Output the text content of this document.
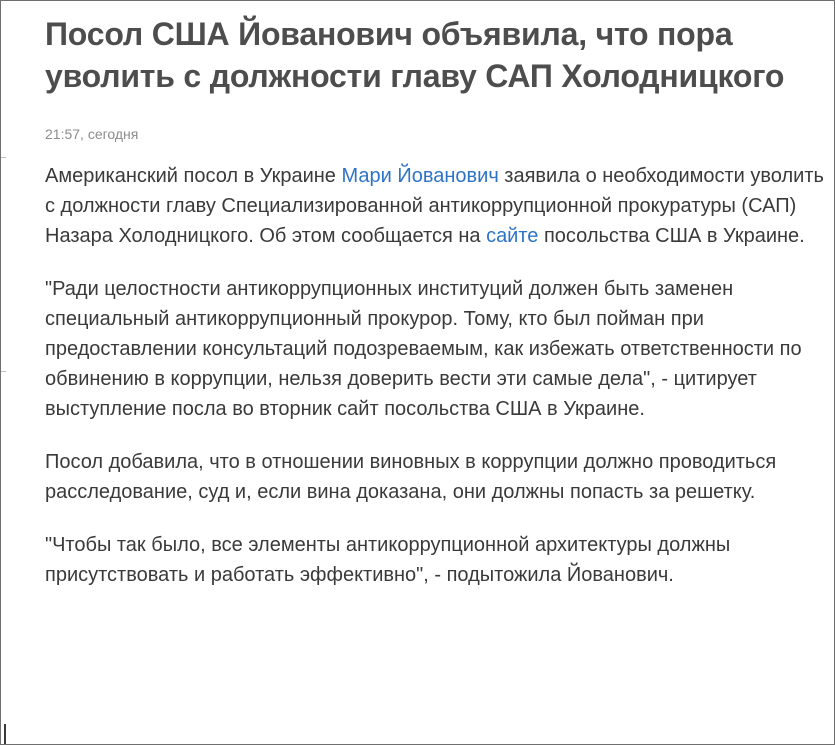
Посол США Йованович объявила, что пора уволить с должности главу САП Холодницкого
21:57, сегодня

Американский посол в Украине Мари Йованович заявила о необходимости уволить с должности главу Специализированной антикоррупционной прокуратуры (САП) Назара Холодницкого. Об этом сообщается на сайте посольства США в Украине.

"Ради целостности антикоррупционных институций должен быть заменен специальный антикоррупционный прокурор. Тому, кто был пойман при предоставлении консультаций подозреваемым, как избежать ответственности по обвинению в коррупции, нельзя доверить вести эти самые дела", - цитирует выступление посла во вторник сайт посольства США в Украине.

Посол добавила, что в отношении виновных в коррупции должно проводиться расследование, суд и, если вина доказана, они должны попасть за решетку.

"Чтобы так было, все элементы антикоррупционной архитектуры должны присутствовать и работать эффективно", - подытожила Йованович.
